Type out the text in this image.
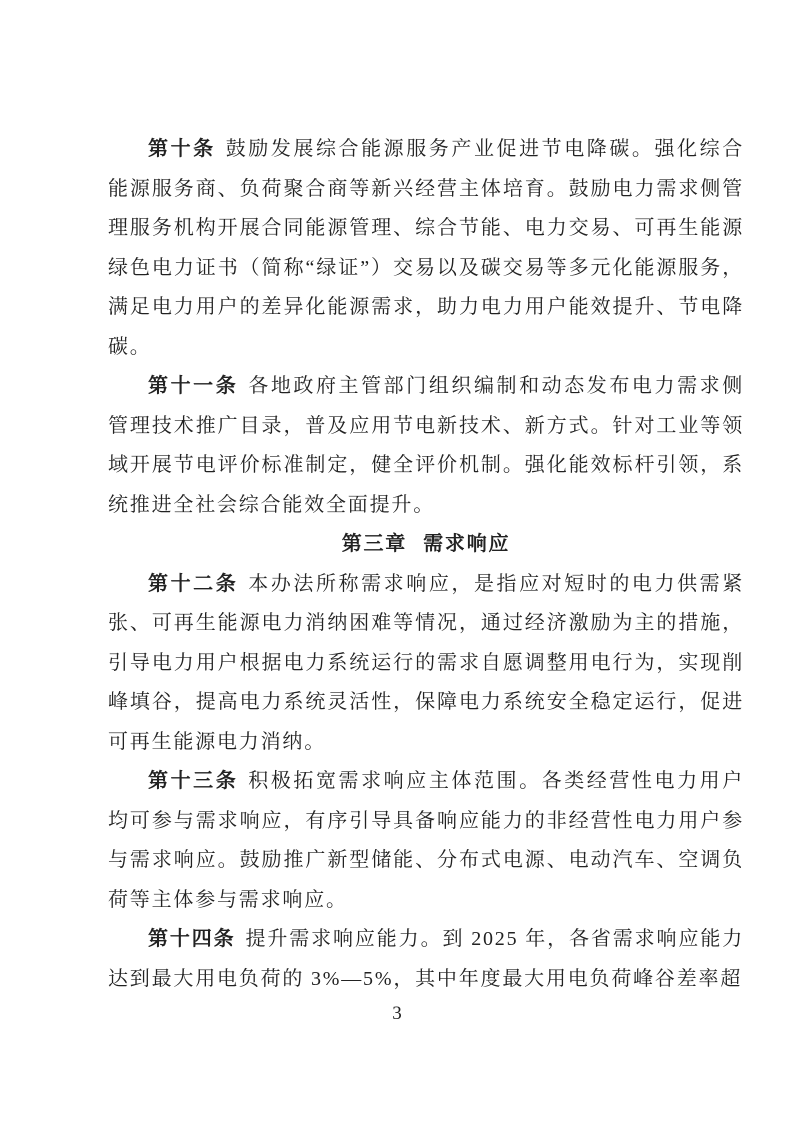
第十条 鼓励发展综合能源服务产业促进节电降碳。强化综合能源服务商、负荷聚合商等新兴经营主体培育。鼓励电力需求侧管理服务机构开展合同能源管理、综合节能、电力交易、可再生能源绿色电力证书（简称“绿证”）交易以及碳交易等多元化能源服务，满足电力用户的差异化能源需求，助力电力用户能效提升、节电降碳。

第十一条 各地政府主管部门组织编制和动态发布电力需求侧管理技术推广目录，普及应用节电新技术、新方式。针对工业等领域开展节电评价标准制定，健全评价机制。强化能效标杆引领，系统推进全社会综合能效全面提升。

第三章 需求响应

第十二条 本办法所称需求响应，是指应对短时的电力供需紧张、可再生能源电力消纳困难等情况，通过经济激励为主的措施，引导电力用户根据电力系统运行的需求自愿调整用电行为，实现削峰填谷，提高电力系统灵活性，保障电力系统安全稳定运行，促进可再生能源电力消纳。

第十三条 积极拓宽需求响应主体范围。各类经营性电力用户均可参与需求响应，有序引导具备响应能力的非经营性电力用户参与需求响应。鼓励推广新型储能、分布式电源、电动汽车、空调负荷等主体参与需求响应。

第十四条 提升需求响应能力。到 2025 年，各省需求响应能力达到最大用电负荷的 3%—5%，其中年度最大用电负荷峰谷差率超

3
